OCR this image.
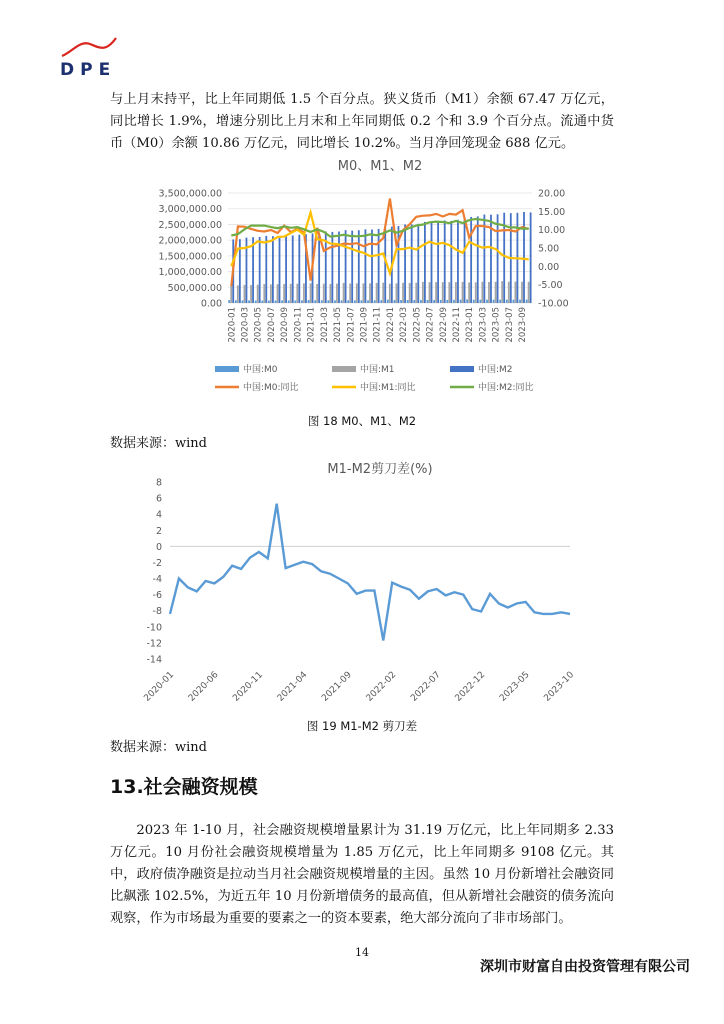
DPE

与上月末持平，比上年同期低 1.5 个百分点。狭义货币（M1）余额 67.47 万亿元，同比增长 1.9%，增速分别比上月末和上年同期低 0.2 个和 3.9 个百分点。流通中货币（M0）余额 10.86 万亿元，同比增长 10.2%。当月净回笼现金 688 亿元。

M0、M1、M2
3,500,000.00
3,000,000.00
2,500,000.00
2,000,000.00
1,500,000.00
1,000,000.00
500,000.00
0.00
20.00
15.00
10.00
5.00
0.00
-5.00
-10.00
2020-01 2020-03 2020-05 2020-07 2020-09 2020-11 2021-01 2021-03 2021-05 2021-07 2021-09 2021-11 2022-01 2022-03 2022-05 2022-07 2022-09 2022-11 2023-01 2023-03 2023-05 2023-07 2023-09
中国:M0	中国:M1	中国:M2
中国:M0:同比	中国:M1:同比	中国:M2:同比
图 18 M0、M1、M2
数据来源：wind
M1-M2剪刀差(%)
8
6
4
2
0
-2
-4
-6
-8
-10
-12
-14
2020-01 2020-06 2020-11 2021-04 2021-09 2022-02 2022-07 2022-12 2023-05 2023-10
图 19 M1-M2 剪刀差
数据来源：wind
13.社会融资规模

2023 年 1-10 月，社会融资规模增量累计为 31.19 万亿元，比上年同期多 2.33 万亿元。10 月份社会融资规模增量为 1.85 万亿元，比上年同期多 9108 亿元。其中，政府债净融资是拉动当月社会融资规模增量的主因。虽然 10 月份新增社会融资同比飙涨 102.5%，为近五年 10 月份新增债务的最高值，但从新增社会融资的债务流向观察，作为市场最为重要的要素之一的资本要素，绝大部分流向了非市场部门。

14
深圳市财富自由投资管理有限公司
